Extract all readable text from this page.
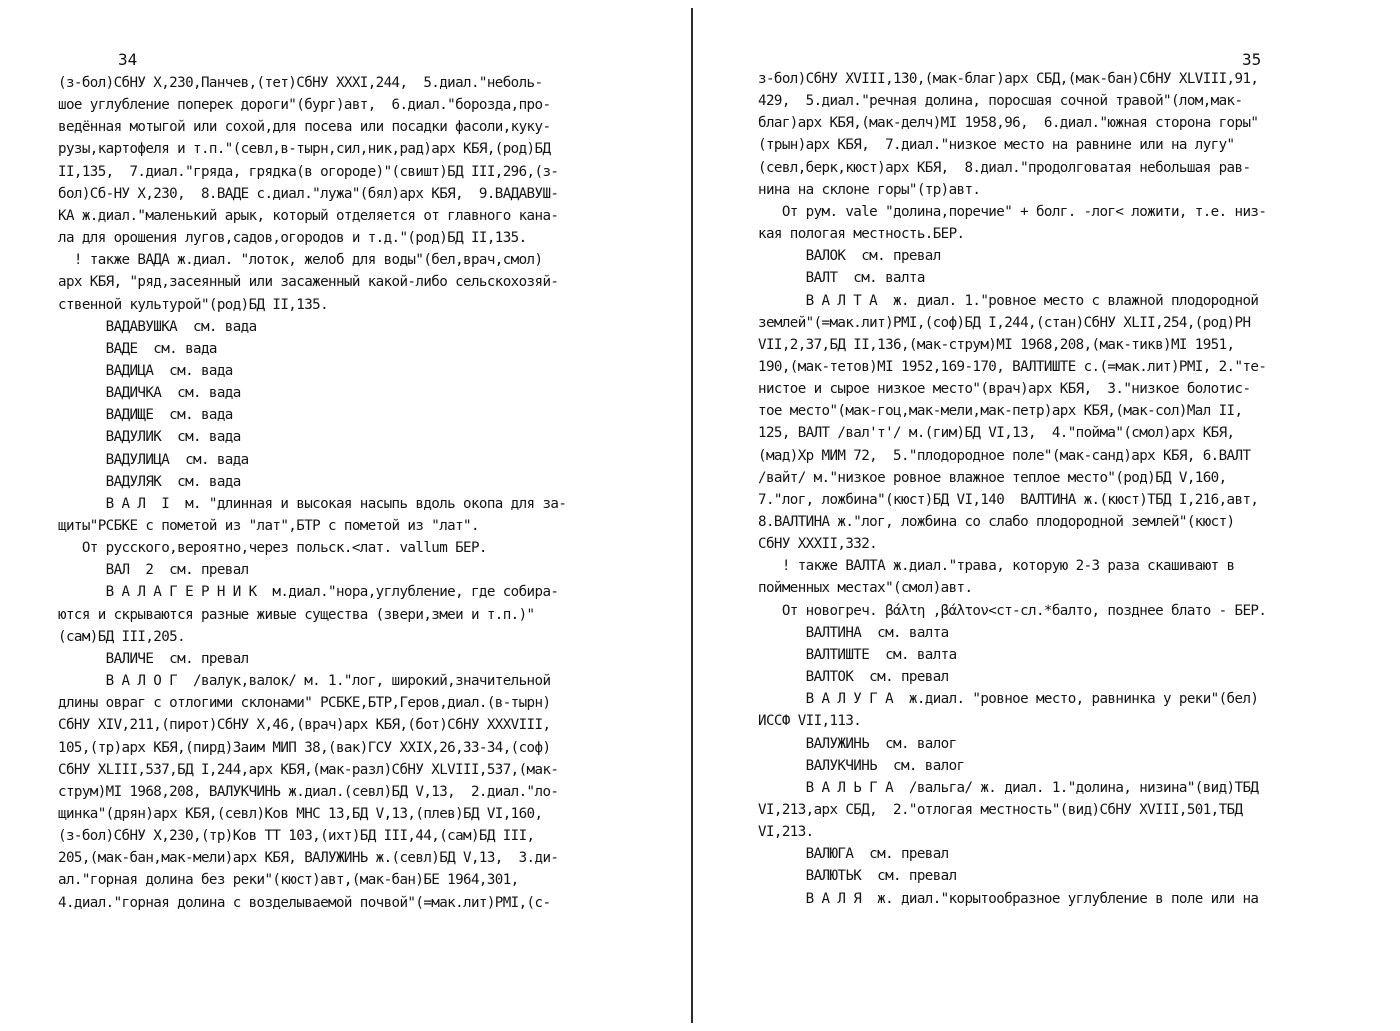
34
(з-бол)СбНУ X,230,Панчев,(тет)СбНУ XXXI,244,  5.диал."неболь-
шое углубление поперек дороги"(бург)авт,  6.диал."борозда,про-
ведённая мотыгой или сохой,для посева или посадки фасоли,куку-
рузы,картофеля и т.п."(севл,в-тырн,сил,ник,рад)арх КБЯ,(род)БД
II,135,  7.диал."гряда, грядка(в огороде)"(свишт)БД III,296,(з-
бол)Сб-НУ X,230,  8.ВАДЕ с.диал."лужа"(бял)арх КБЯ,  9.ВАДАВУШ-
КА ж.диал."маленький арык, который отделяется от главного кана-
ла для орошения лугов,садов,огородов и т.д."(род)БД II,135.
! также ВАДА ж.диал. "лоток, желоб для воды"(бел,врач,смол)
арх КБЯ, "ряд,засеянный или засаженный какой-либо сельскохозяй-
ственной культурой"(род)БД II,135.
ВАДАВУШКА  см. вада
ВАДЕ  см. вада
ВАДИЦА  см. вада
ВАДИЧКА  см. вада
ВАДИЩЕ  см. вада
ВАДУЛИК  см. вада
ВАДУЛИЦА  см. вада
ВАДУЛЯК  см. вада
В А Л  I  м. "длинная и высокая насыпь вдоль окопа для за-
щиты"РСБКЕ с пометой из "лат",БТР с пометой из "лат".
От русского,вероятно,через польск.<лат. vallum БЕР.
ВАЛ  2  см. превал
В А Л А Г Е Р Н И К  м.диал."нора,углубление, где собира-
ются и скрываются разные живые существа (звери,змеи и т.п.)"
(сам)БД III,205.
ВАЛИЧЕ  см. превал
В А Л О Г  /валук,валок/ м. 1."лог, широкий,значительной
длины овраг с отлогими склонами" РСБКЕ,БТР,Геров,диал.(в-тырн)
СбНУ XIV,211,(пирот)СбНУ X,46,(врач)арх КБЯ,(бот)СбНУ XXXVIII,
105,(тр)арх КБЯ,(пирд)Заим МИП 38,(вак)ГСУ XXIX,26,33-34,(соф)
СбНУ XLIII,537,БД I,244,арх КБЯ,(мак-разл)СбНУ XLVIII,537,(мак-
струм)МI 1968,208, ВАЛУКЧИНЬ ж.диал.(севл)БД V,13,  2.диал."ло-
щинка"(дрян)арх КБЯ,(севл)Ков МНС 13,БД V,13,(плев)БД VI,160,
(з-бол)СбНУ X,230,(тр)Ков ТТ 103,(ихт)БД III,44,(сам)БД III,
205,(мак-бан,мак-мели)арх КБЯ, ВАЛУЖИНЬ ж.(севл)БД V,13,  3.ди-
ал."горная долина без реки"(кюст)авт,(мак-бан)БЕ 1964,301,
4.диал."горная долина с возделываемой почвой"(=мак.лит)РМI,(с-
35
з-бол)СбНУ XVIII,130,(мак-благ)арх СБД,(мак-бан)СбНУ XLVIII,91,
429,  5.диал."речная долина, поросшая сочной травой"(лом,мак-
благ)арх КБЯ,(мак-делч)МI 1958,96,  6.диал."южная сторона горы"
(трын)арх КБЯ,  7.диал."низкое место на равнине или на лугу"
(севл,берк,кюст)арх КБЯ,  8.диал."продолговатая небольшая рав-
нина на склоне горы"(тр)авт.
От рум. vale "долина,поречие" + болг. -лог< ложити, т.е. низ-
кая пологая местность.БЕР.
ВАЛОК  см. превал
ВАЛТ  см. валта
В А Л Т А  ж. диал. 1."ровное место с влажной плодородной
землей"(=мак.лит)РМI,(соф)БД I,244,(стан)СбНУ XLII,254,(род)РН
VII,2,37,БД II,136,(мак-струм)МI 1968,208,(мак-тикв)МI 1951,
190,(мак-тетов)МI 1952,169-170, ВАЛТИШТЕ с.(=мак.лит)РМI, 2."те-
нистое и сырое низкое место"(врач)арх КБЯ,  3."низкое болотис-
тое место"(мак-гоц,мак-мели,мак-петр)арх КБЯ,(мак-сол)Мал II,
125, ВАЛТ /вал'т'/ м.(гим)БД VI,13,  4."пойма"(смол)арх КБЯ,
(мад)Хр МИМ 72,  5."плодородное поле"(мак-санд)арх КБЯ, 6.ВАЛТ
/вайт/ м."низкое ровное влажное теплое место"(род)БД V,160,
7."лог, ложбина"(кюст)БД VI,140  ВАЛТИНА ж.(кюст)ТБД I,216,авт,
8.ВАЛТИНА ж."лог, ложбина со слабо плодородной землей"(кюст)
СбНУ XXXII,332.
! также ВАЛТА ж.диал."трава, которую 2-3 раза скашивают в
пойменных местах"(смол)авт.
От новогреч. βάλτη ,βάλτον<ст-сл.*балто, позднее блато - БЕР.
ВАЛТИНА  см. валта
ВАЛТИШТЕ  см. валта
ВАЛТОК  см. превал
В А Л У Г А  ж.диал. "ровное место, равнинка у реки"(бел)
ИССФ VII,113.
ВАЛУЖИНЬ  см. валог
ВАЛУКЧИНЬ  см. валог
В А Л Ь Г А  /вальга/ ж. диал. 1."долина, низина"(вид)ТБД
VI,213,арх СБД,  2."отлогая местность"(вид)СбНУ XVIII,501,ТБД
VI,213.
ВАЛЮГА  см. превал
ВАЛЮТЬК  см. превал
В А Л Я  ж. диал."корытообразное углубление в поле или на
